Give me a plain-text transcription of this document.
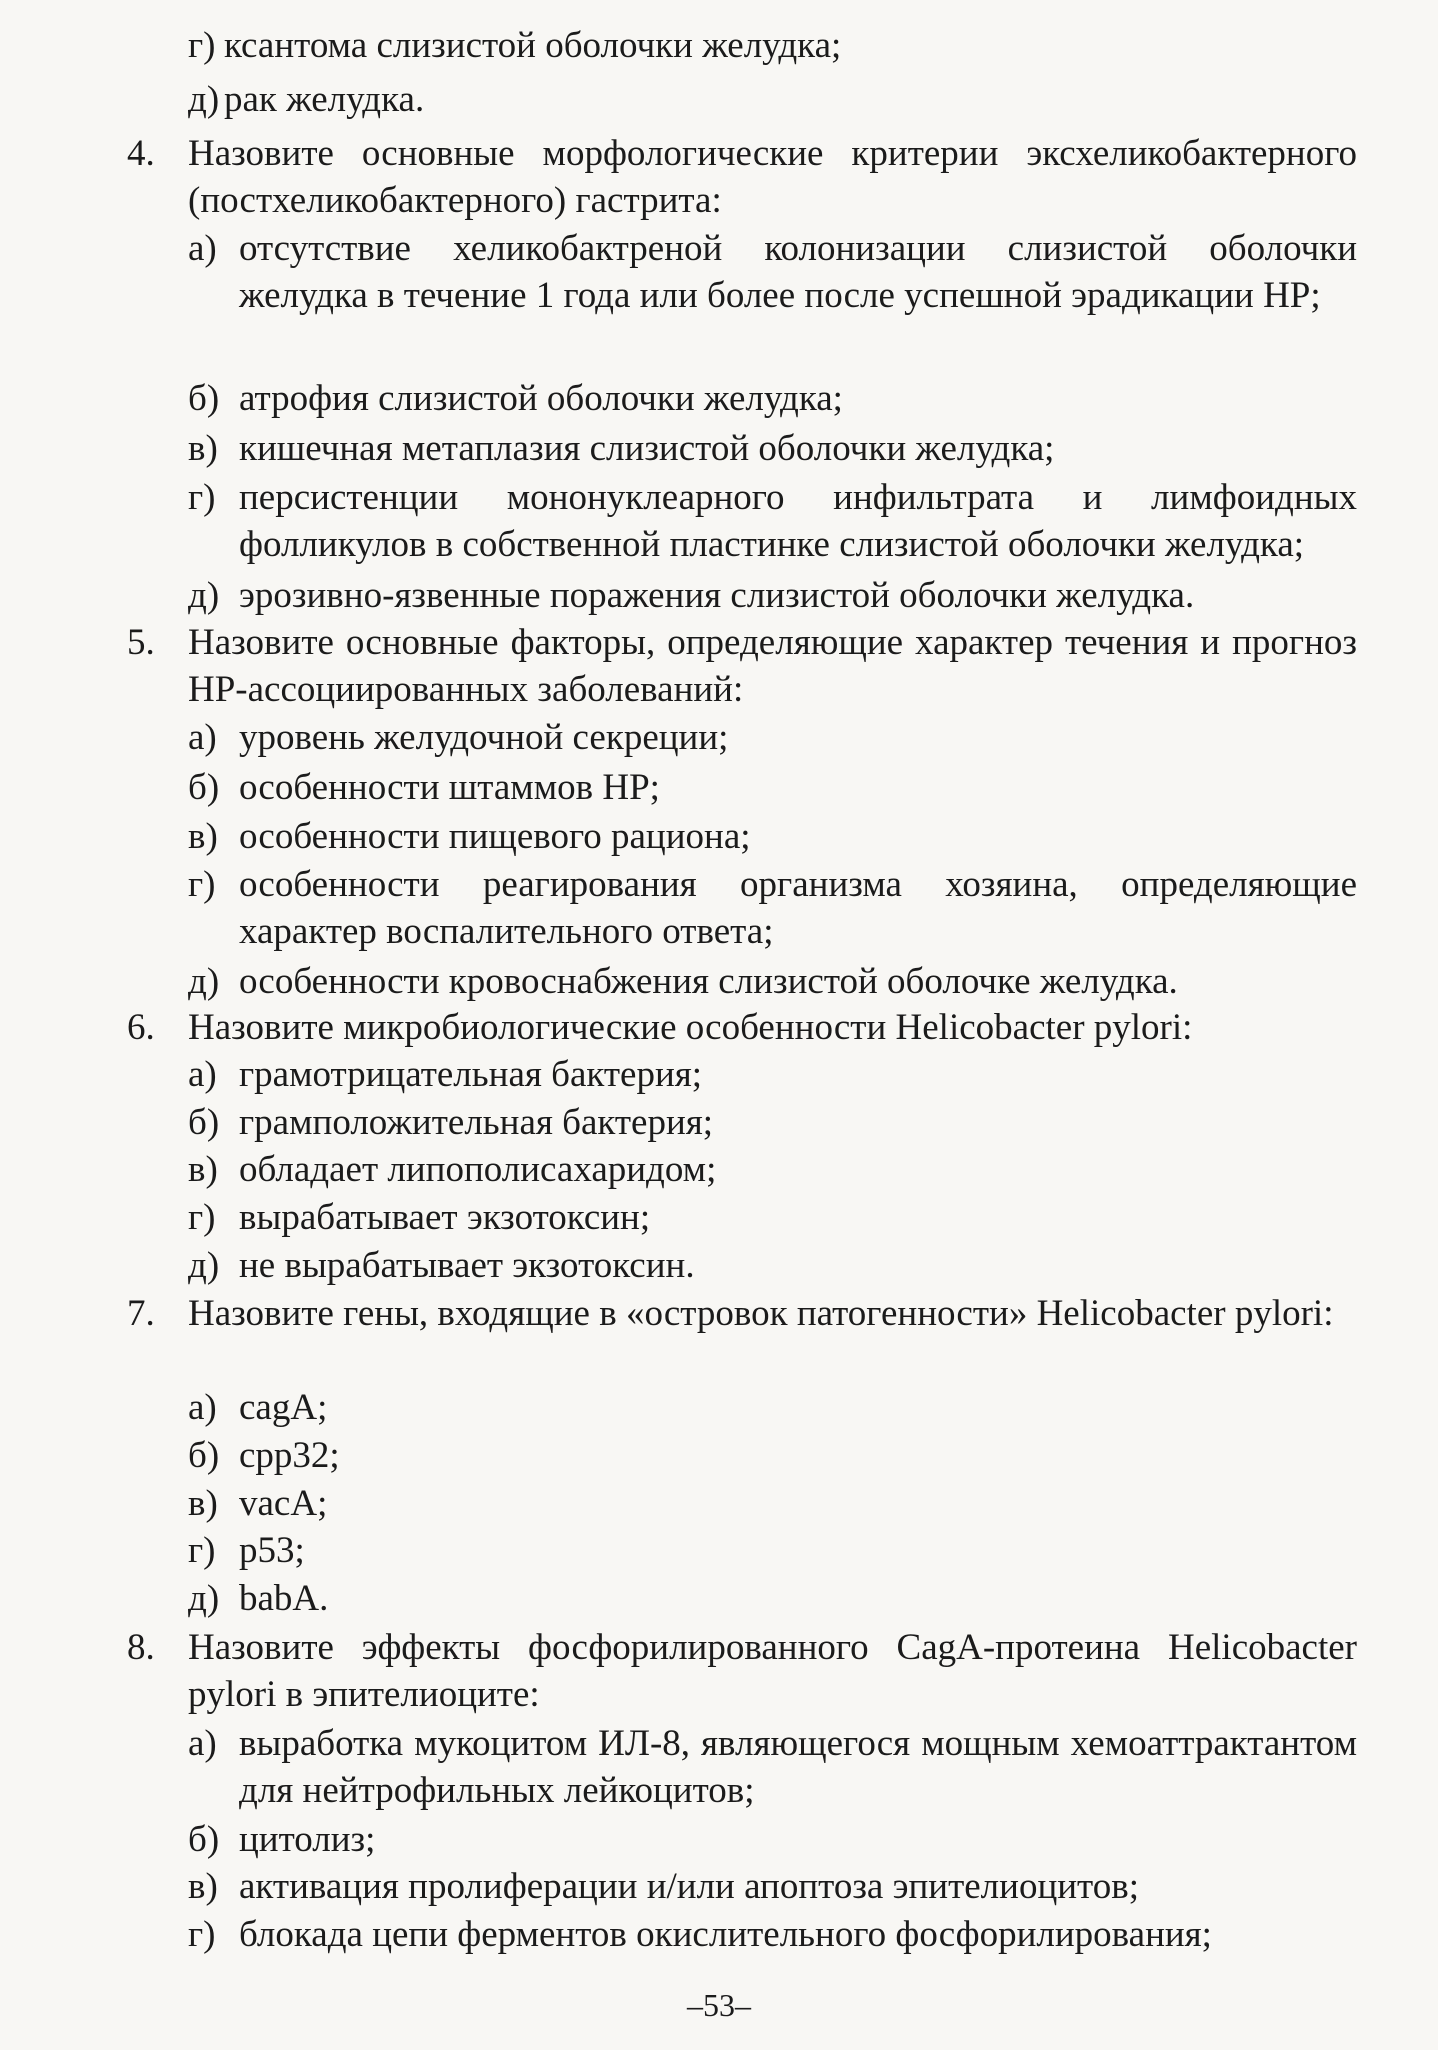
г) ксантома слизистой оболочки желудка;
д) рак желудка.
4. Назовите основные морфологические критерии эксхеликобактерного (постхеликобактерного) гастрита:
а) отсутствие хеликобактреной колонизации слизистой оболочки желудка в течение 1 года или более после успешной эрадикации HP;
б) атрофия слизистой оболочки желудка;
в) кишечная метаплазия слизистой оболочки желудка;
г) персистенции мононуклеарного инфильтрата и лимфоидных фолликулов в собственной пластинке слизистой оболочки желудка;
д) эрозивно-язвенные поражения слизистой оболочки желудка.
5. Назовите основные факторы, определяющие характер течения и прогноз HP-ассоциированных заболеваний:
а) уровень желудочной секреции;
б) особенности штаммов HP;
в) особенности пищевого рациона;
г) особенности реагирования организма хозяина, определяющие характер воспалительного ответа;
д) особенности кровоснабжения слизистой оболочке желудка.
6. Назовите микробиологические особенности Helicobacter pylori:
а) грамотрицательная бактерия;
б) грамположительная бактерия;
в) обладает липополисахаридом;
г) вырабатывает экзотоксин;
д) не вырабатывает экзотоксин.
7. Назовите гены, входящие в «островок патогенности» Helicobacter pylori:
а) cagA;
б) cpp32;
в) vacA;
г) p53;
д) babA.
8. Назовите эффекты фосфорилированного CagA-протеина Helicobacter pylori в эпителиоците:
а) выработка мукоцитом ИЛ-8, являющегося мощным хемоаттрактантом для нейтрофильных лейкоцитов;
б) цитолиз;
в) активация пролиферации и/или апоптоза эпителиоцитов;
г) блокада цепи ферментов окислительного фосфорилирования;
–53–
